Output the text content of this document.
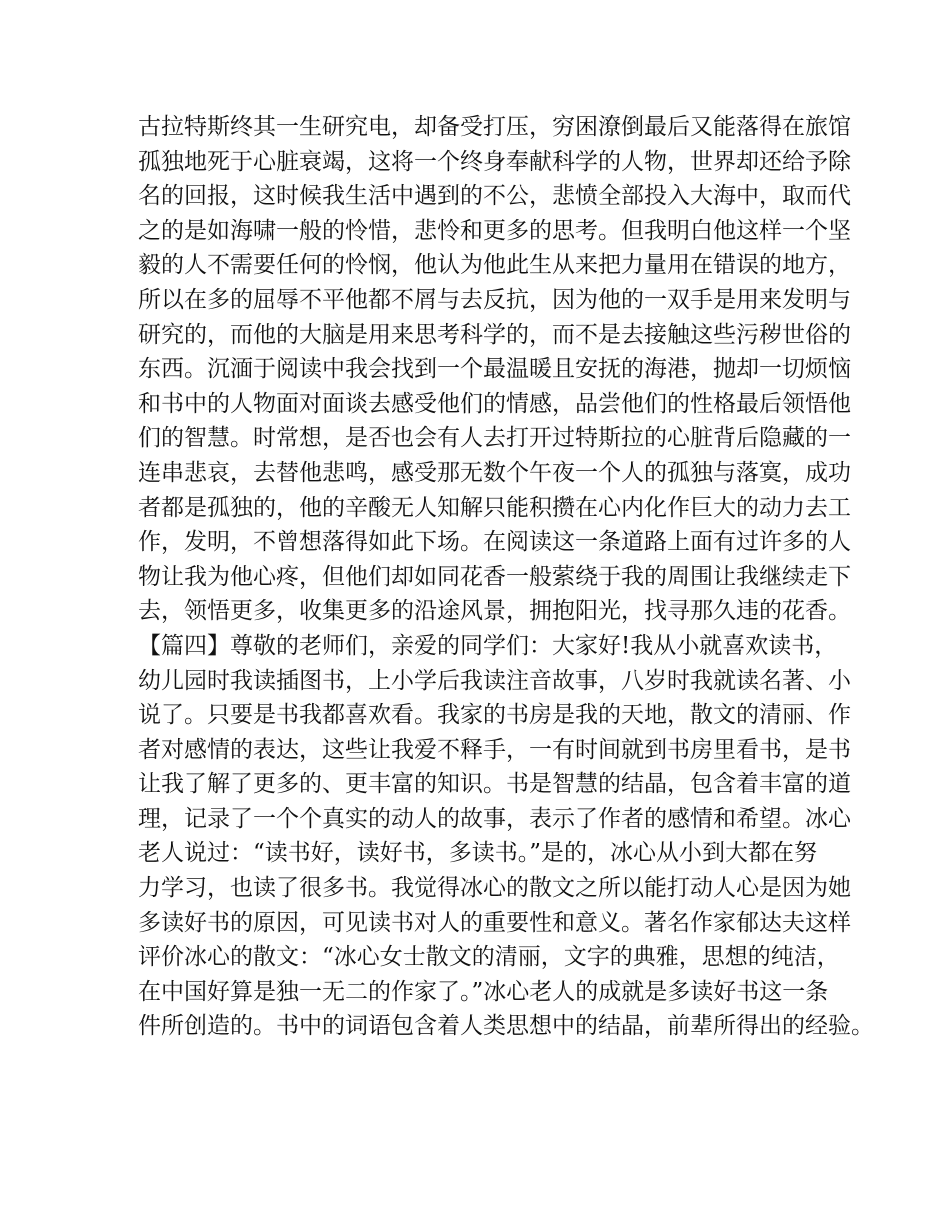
古拉特斯终其一生研究电，却备受打压，穷困潦倒最后又能落得在旅馆
孤独地死于心脏衰竭，这将一个终身奉献科学的人物，世界却还给予除
名的回报，这时候我生活中遇到的不公，悲愤全部投入大海中，取而代
之的是如海啸一般的怜惜，悲怜和更多的思考。但我明白他这样一个坚
毅的人不需要任何的怜悯，他认为他此生从来把力量用在错误的地方，
所以在多的屈辱不平他都不屑与去反抗，因为他的一双手是用来发明与
研究的，而他的大脑是用来思考科学的，而不是去接触这些污秽世俗的
东西。沉湎于阅读中我会找到一个最温暖且安抚的海港，抛却一切烦恼
和书中的人物面对面谈去感受他们的情感，品尝他们的性格最后领悟他
们的智慧。时常想，是否也会有人去打开过特斯拉的心脏背后隐藏的一
连串悲哀，去替他悲鸣，感受那无数个午夜一个人的孤独与落寞，成功
者都是孤独的，他的辛酸无人知解只能积攒在心内化作巨大的动力去工
作，发明，不曾想落得如此下场。在阅读这一条道路上面有过许多的人
物让我为他心疼，但他们却如同花香一般萦绕于我的周围让我继续走下
去，领悟更多，收集更多的沿途风景，拥抱阳光，找寻那久违的花香。
【篇四】尊敬的老师们，亲爱的同学们：大家好!我从小就喜欢读书，
幼儿园时我读插图书，上小学后我读注音故事，八岁时我就读名著、小
说了。只要是书我都喜欢看。我家的书房是我的天地，散文的清丽、作
者对感情的表达，这些让我爱不释手，一有时间就到书房里看书，是书
让我了解了更多的、更丰富的知识。书是智慧的结晶，包含着丰富的道
理，记录了一个个真实的动人的故事，表示了作者的感情和希望。冰心
老人说过：“读书好，读好书，多读书。”是的，冰心从小到大都在努
力学习，也读了很多书。我觉得冰心的散文之所以能打动人心是因为她
多读好书的原因，可见读书对人的重要性和意义。著名作家郁达夫这样
评价冰心的散文：“冰心女士散文的清丽，文字的典雅，思想的纯洁，
在中国好算是独一无二的作家了。”冰心老人的成就是多读好书这一条
件所创造的。书中的词语包含着人类思想中的结晶，前辈所得出的经验。
